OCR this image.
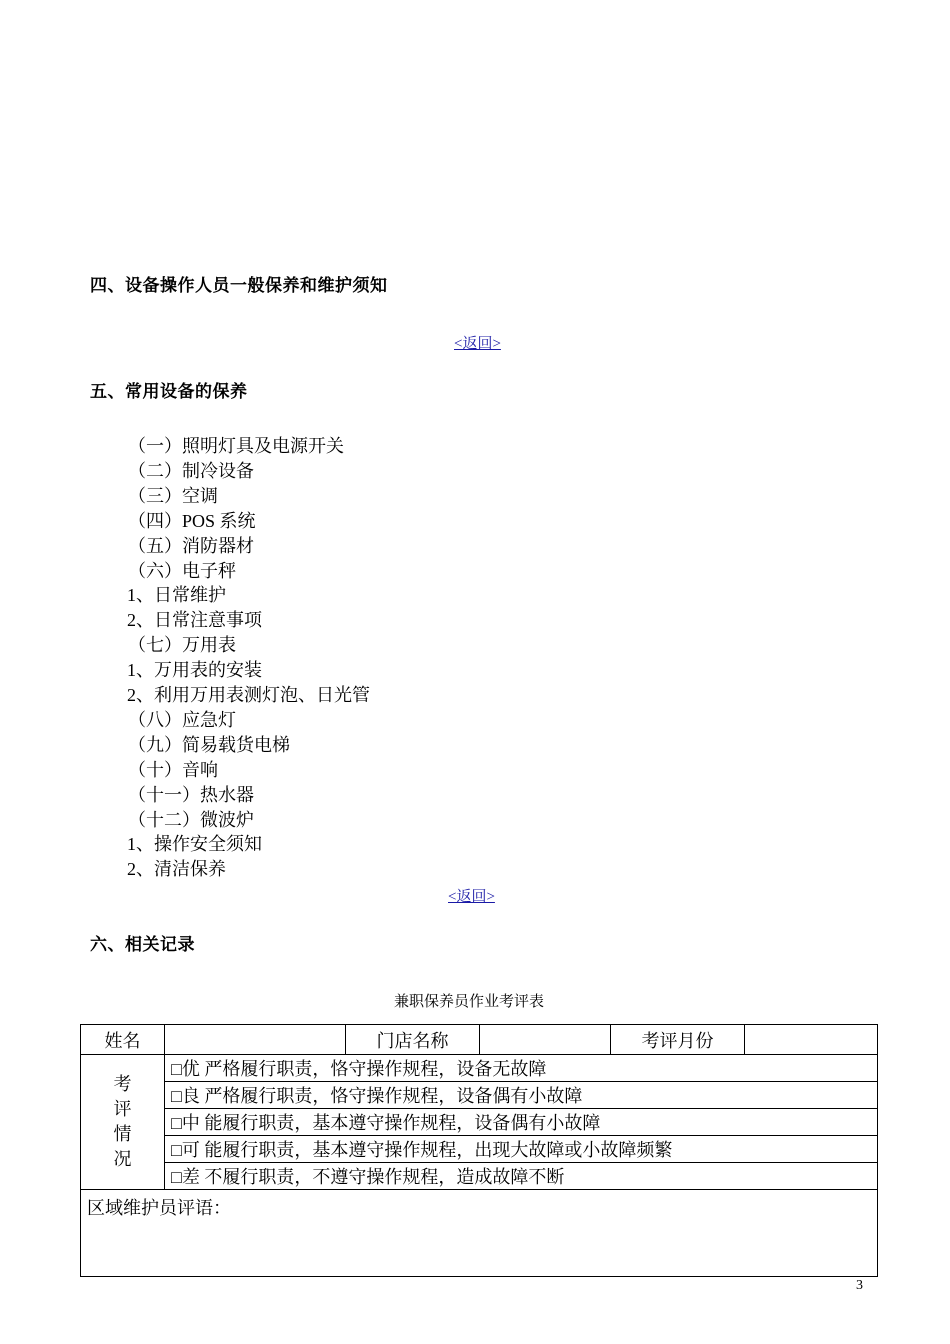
四、设备操作人员一般保养和维护须知
<返回>
五、常用设备的保养
（一）照明灯具及电源开关
（二）制冷设备
（三）空调
（四）POS 系统
（五）消防器材
（六）电子秤
1、日常维护
2、日常注意事项
（七）万用表
1、万用表的安装
2、利用万用表测灯泡、日光管
（八）应急灯
（九）简易载货电梯
（十）音响
（十一）热水器
（十二）微波炉
1、操作安全须知
2、清洁保养
<返回>
六、相关记录
兼职保养员作业考评表
姓名		门店名称		考评月份	

考
评
情
况	□优 严格履行职责，恪守操作规程，设备无故障				
	□良 严格履行职责，恪守操作规程，设备偶有小故障				
	□中 能履行职责，基本遵守操作规程，设备偶有小故障				
	□可 能履行职责，基本遵守操作规程，出现大故障或小故障频繁				
	□差 不履行职责，不遵守操作规程，造成故障不断				
区域维护员评语：					
3
